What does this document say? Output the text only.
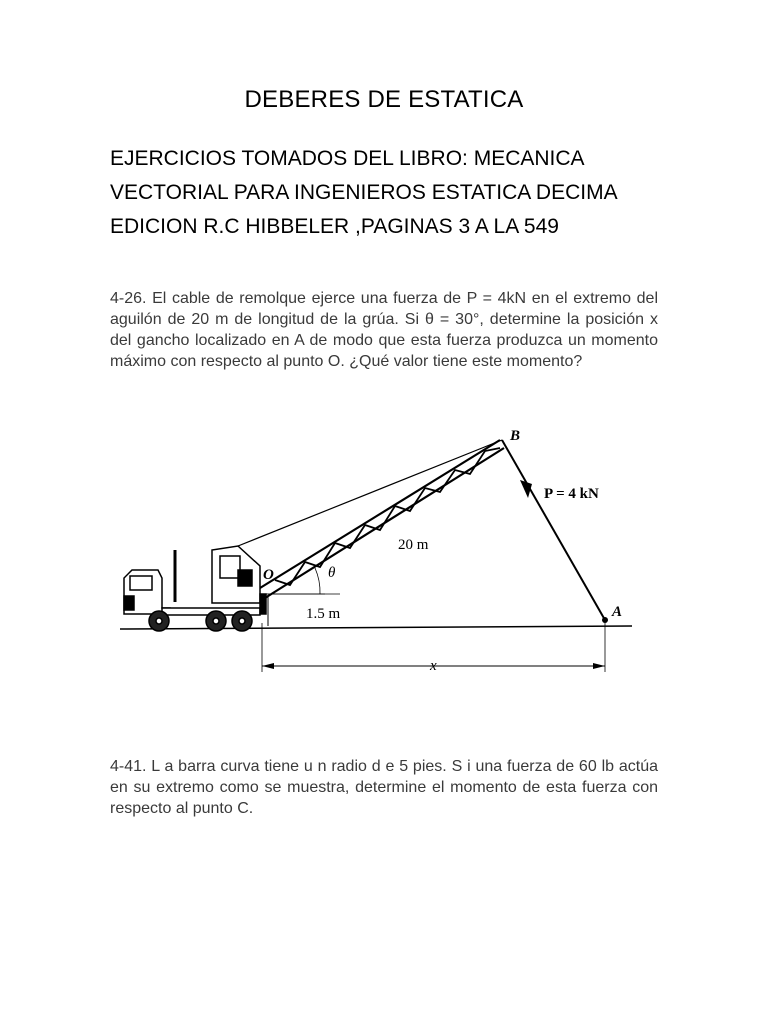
DEBERES DE ESTATICA
EJERCICIOS TOMADOS DEL LIBRO: MECANICA
VECTORIAL PARA INGENIEROS ESTATICA DECIMA
EDICION R.C HIBBELER ,PAGINAS 3 A LA 549
4-26. El cable de remolque ejerce una fuerza de P = 4kN en el extremo del aguilón de 20 m de longitud de la grúa. Si θ = 30°, determine la posición x del gancho localizado en A de modo que esta fuerza produzca un momento máximo con respecto al punto O. ¿Qué valor tiene este momento?
B
P = 4 kN
20 m
O	θ
1.5 m	A
x
4-41. L a barra curva tiene u n radio d e 5 pies. S i una fuerza de 60 lb actúa en su extremo como se muestra, determine el momento de esta fuerza con respecto al punto C.
